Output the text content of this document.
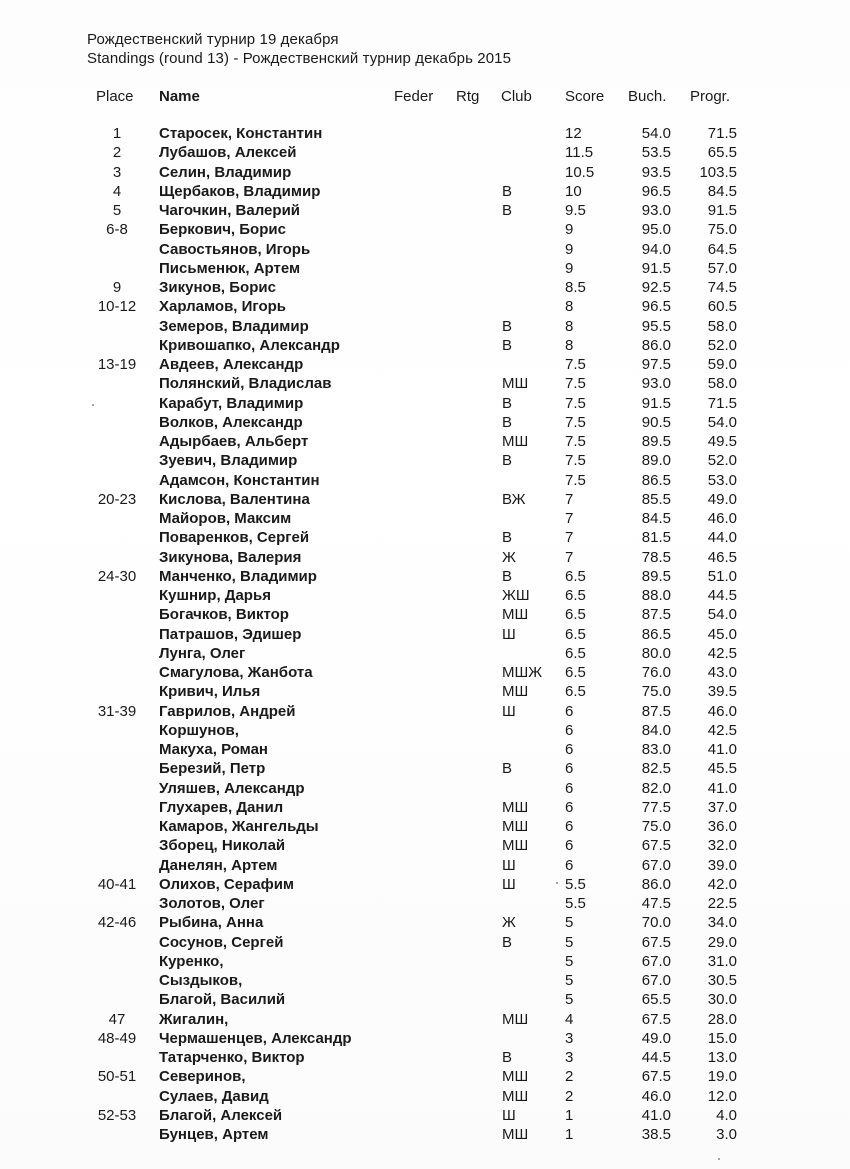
Рождественский турнир 19 декабря
Standings (round 13) - Рождественский турнир декабрь 2015
Place Name	Feder Rtg Club Score Buch. Progr.
1	Старосек, Константин	12	54.0 71.5
2	Лубашов, Алексей	11.5	53.5 65.5
3	Селин, Владимир	10.5	93.5 103.5
4	Щербаков, Владимир	В	10	96.5 84.5
5	Чагочкин, Валерий	В	9.5	93.0 91.5
6-8	Беркович, Борис	9	95.0 75.0
Савостьянов, Игорь	9	94.0 64.5
Письменюк, Артем	9	91.5 57.0
9	Зикунов, Борис	8.5	92.5 74.5
10-12	Харламов, Игорь	8	96.5 60.5
Земеров, Владимир	В	8	95.5 58.0
Кривошапко, Александр	В	8	86.0 52.0
13-19	Авдеев, Александр	7.5	97.5 59.0
Полянский, Владислав	МШ 7.5	93.0 58.0
Карабут, Владимир	В	7.5	91.5 71.5
Волков, Александр	В	7.5	90.5 54.0
Адырбаев, Альберт	МШ 7.5	89.5 49.5
Зуевич, Владимир	В	7.5	89.0 52.0
Адамсон, Константин	7.5	86.5 53.0
20-23	Кислова, Валентина	ВЖ	7	85.5 49.0
Майоров, Максим	7	84.5 46.0
Поваренков, Сергей	В	7	81.5 44.0
Зикунова, Валерия	Ж	7	78.5 46.5
24-30	Манченко, Владимир	В	6.5	89.5 51.0
Кушнир, Дарья	ЖШ 6.5	88.0 44.5
Богачков, Виктор	МШ 6.5	87.5 54.0
Патрашов, Эдишер	Ш	6.5	86.5 45.0
Лунга, Олег	6.5	80.0 42.5
Смагулова, Жанбота	МШЖ 6.5	76.0 43.0
Кривич, Илья	МШ 6.5	75.0 39.5
31-39	Гаврилов, Андрей	Ш	6	87.5 46.0
Коршунов,	6	84.0 42.5
Макуха, Роман	6	83.0 41.0
Березий, Петр	В	6	82.5 45.5
Уляшев, Александр	6	82.0 41.0
Глухарев, Данил	МШ 6	77.5 37.0
Камаров, Жангельды	МШ 6	75.0 36.0
Зборец, Николай	МШ 6	67.5 32.0
Данелян, Артем	Ш	6	67.0 39.0
40-41	Олихов, Серафим	Ш	5.5	86.0 42.0
Золотов, Олег	5.5	47.5 22.5
42-46	Рыбина, Анна	Ж	5	70.0 34.0
Сосунов, Сергей	В	5	67.5 29.0
Куренко,	5	67.0 31.0
Сыздыков,	5	67.0 30.5
Благой, Василий	5	65.5 30.0
47	Жигалин,	МШ 4	67.5 28.0
48-49	Чермашенцев, Александр	3	49.0 15.0
Татарченко, Виктор	В	3	44.5 13.0
50-51	Северинов,	МШ 2	67.5 19.0
Сулаев, Давид	МШ 2	46.0 12.0
52-53	Благой, Алексей	Ш	1	41.0	4.0
Бунцев, Артем	МШ 1	38.5	3.0
